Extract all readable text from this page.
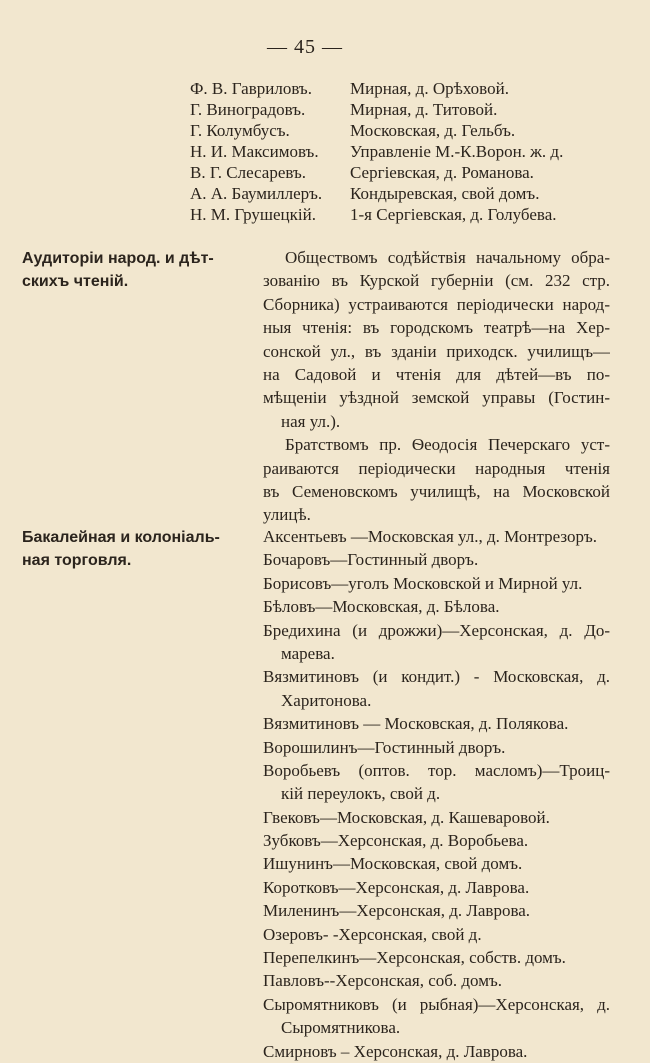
— 45 —
Ф. В. Гавриловъ.	Мирная, д. Орѣховой.
Г. Виноградовъ.	Мирная, д. Титовой.
Г. Колумбусъ.	Московская, д. Гельбъ.
Н. И. Максимовъ.	Управленіе М.-К.Ворон. ж. д.
В. Г. Слесаревъ.	Сергіевская, д. Романова.
А. А. Баумиллеръ.	Кондыревская, свой домъ.
Н. М. Грушецкій.	1-я Сергіевская, д. Голубева.
Аудиторіи народ. и дѣт-
скихъ чтеній.
Обществомъ содѣйствія начальному обра-
зованію въ Курской губерніи (см. 232 стр.
Сборника) устраиваются періодически народ-
ныя чтенія: въ городскомъ театрѣ—на Хер-
сонской ул., въ зданіи приходск. училищъ—
на Садовой и чтенія для дѣтей—въ по-
мѣщеніи уѣздной земской управы (Гостин-
ная ул.).
Братствомъ пр. Ѳеодосія Печерскаго уст-
раиваются періодически народныя чтенія
въ Семеновскомъ училищѣ, на Московской
улицѣ.
Бакалейная и колоніаль-
ная торговля.
Аксентьевъ —Московская ул., д. Монтрезоръ.
Бочаровъ—Гостинный дворъ.
Борисовъ—уголъ Московской и Мирной ул.
Бѣловъ—Московская, д. Бѣлова.
Бредихина (и дрожжи)—Херсонская, д. До-
марева.
Вязмитиновъ (и кондит.) - Московская, д.
Харитонова.
Вязмитиновъ — Московская, д. Полякова.
Ворошилинъ—Гостинный дворъ.
Воробьевъ (оптов. тор. масломъ)—Троиц-
кій переулокъ, свой д.
Гвековъ—Московская, д. Кашеваровой.
Зубковъ—Херсонская, д. Воробьева.
Ишунинъ—Московская, свой домъ.
Коротковъ—Херсонская, д. Лаврова.
Миленинъ—Херсонская, д. Лаврова.
Озеровъ- -Херсонская, свой д.
Перепелкинъ—Херсонская, собств. домъ.
Павловъ--Херсонская, соб. домъ.
Сыромятниковъ (и рыбная)—Херсонская, д.
Сыромятникова.
Смирновъ – Херсонская, д. Лаврова.
